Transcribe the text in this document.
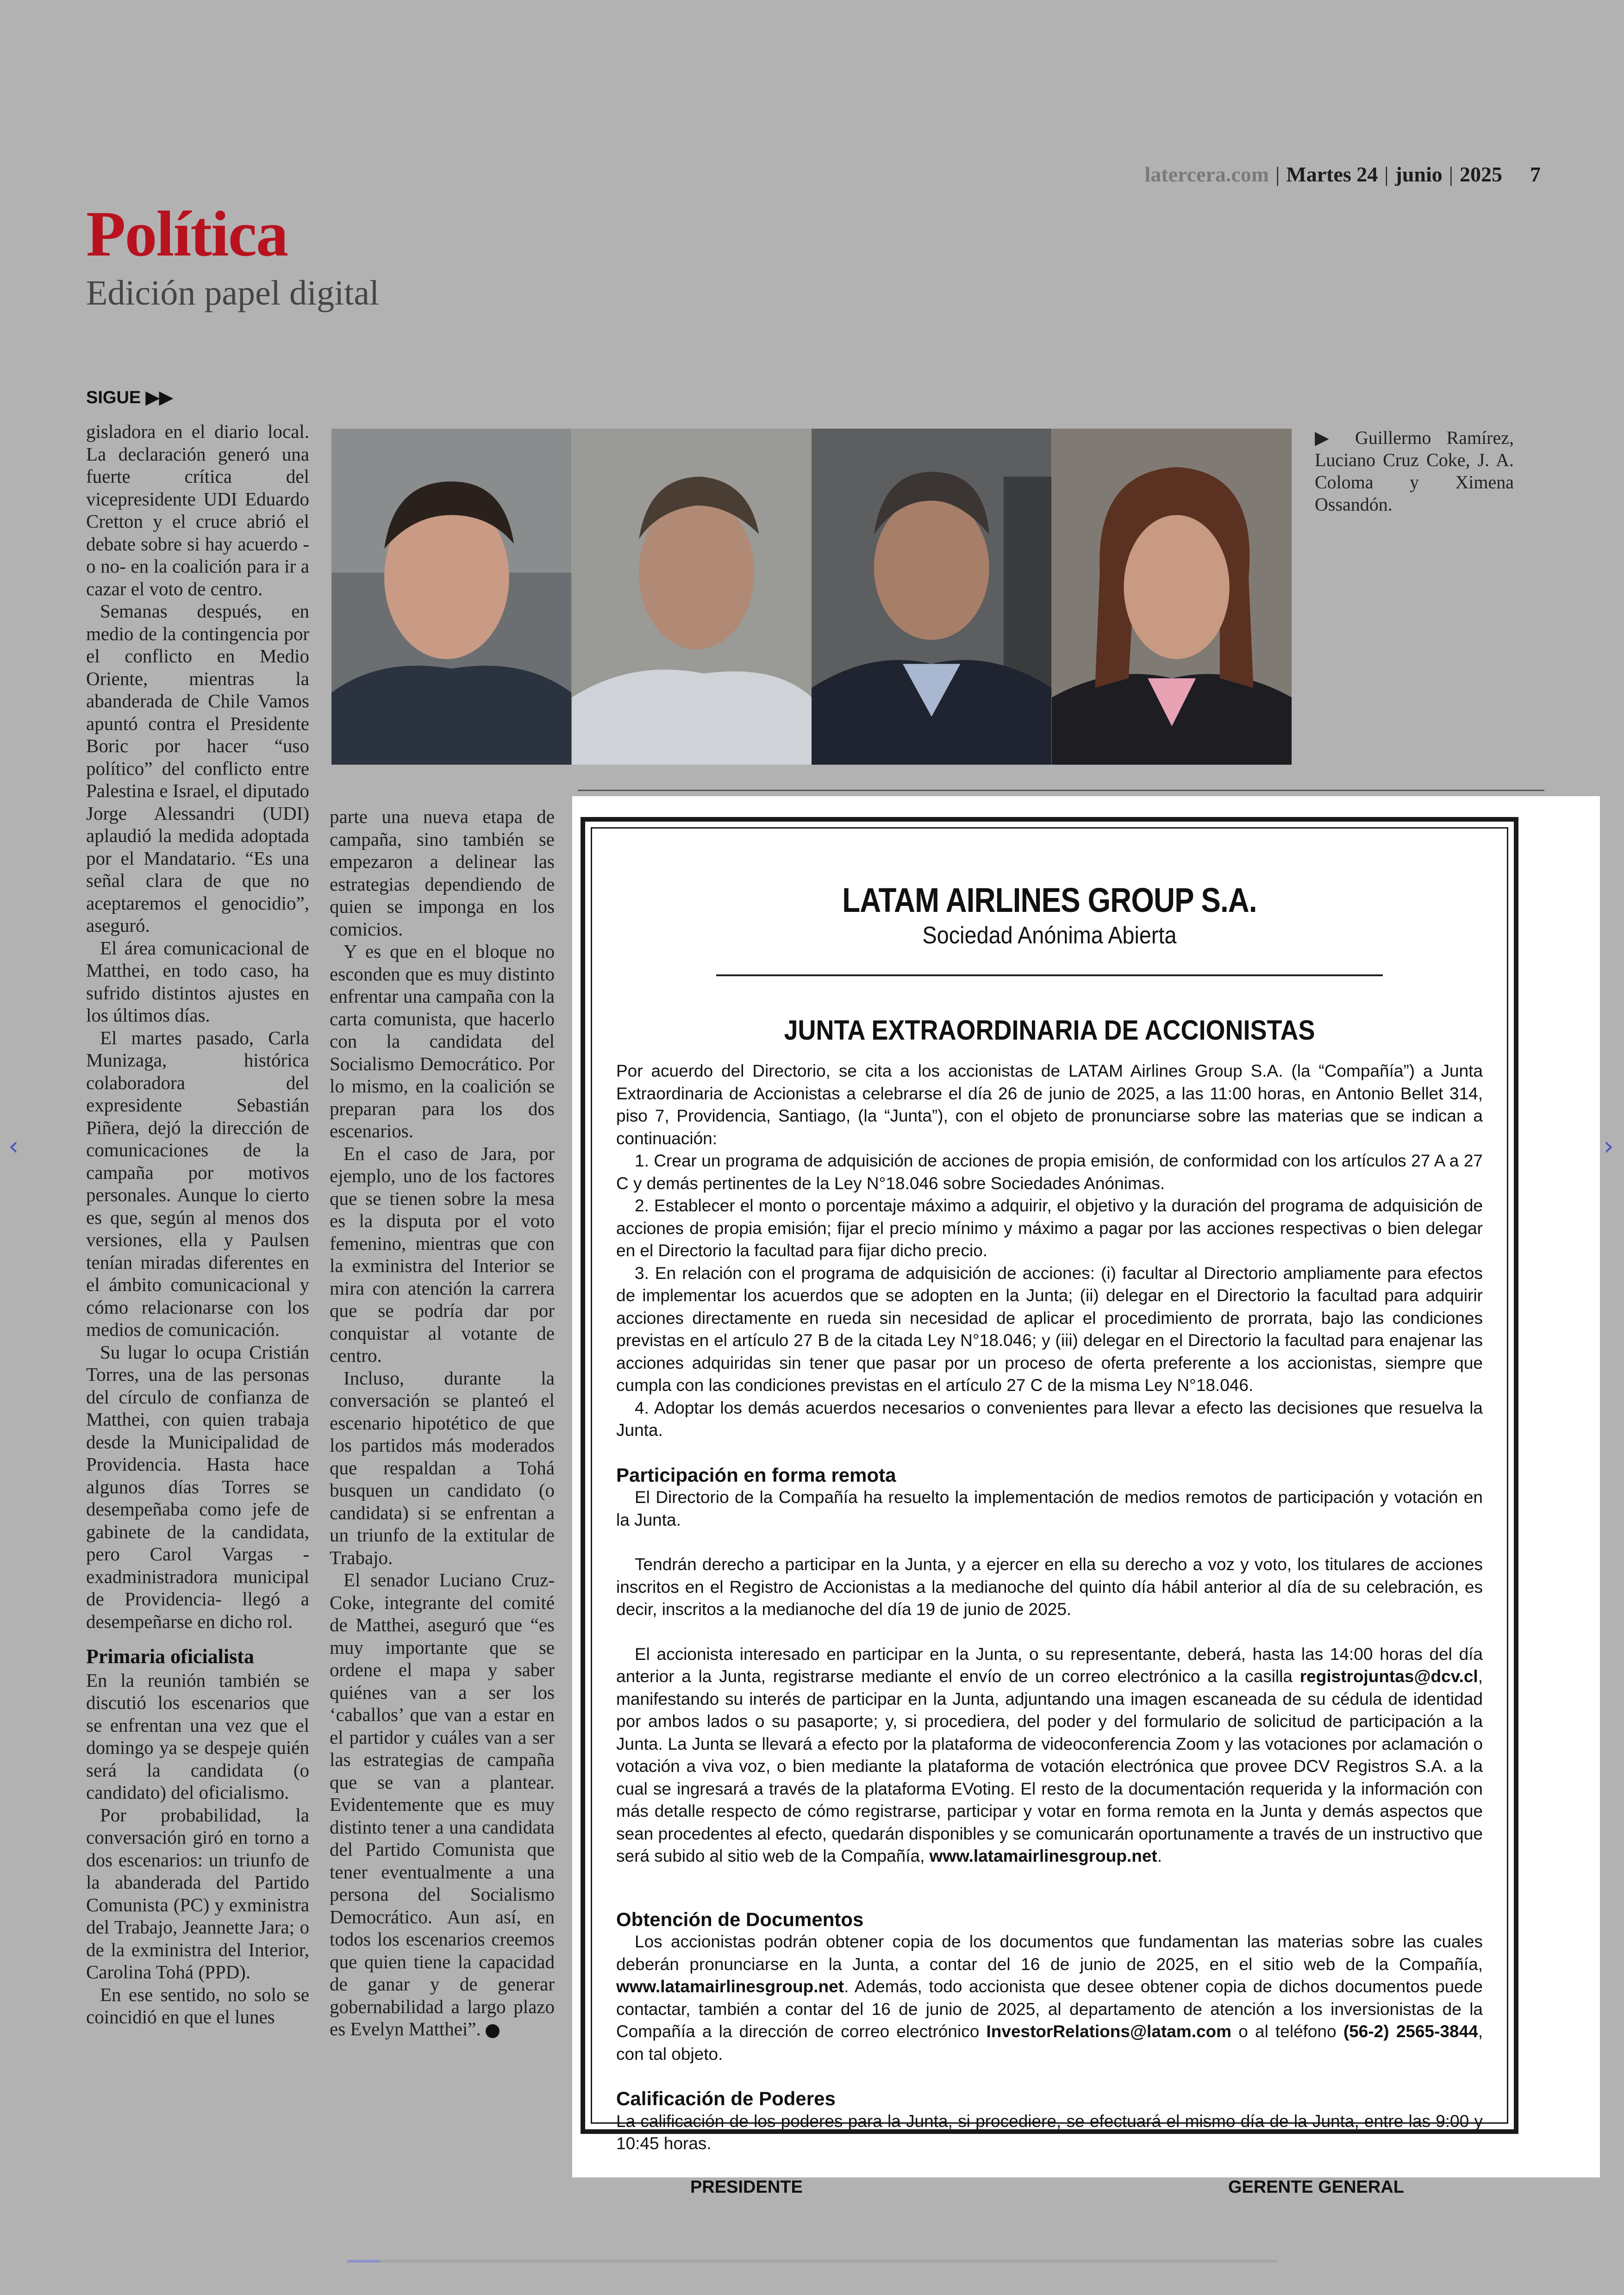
latercera.com | Martes 24 | junio | 2025 7
Política
Edición papel digital
SIGUE ▶▶

gisladora en el diario local. La declaración generó una fuerte crítica del vicepresidente UDI Eduardo Cretton y el cruce abrió el debate sobre si hay acuerdo -o no- en la coalición para ir a cazar el voto de centro.

Semanas después, en medio de la contingencia por el conflicto en Medio Oriente, mientras la abanderada de Chile Vamos apuntó contra el Presidente Boric por hacer “uso político” del conflicto entre Palestina e Israel, el diputado Jorge Alessandri (UDI) aplaudió la medida adoptada por el Mandatario. “Es una señal clara de que no aceptaremos el genocidio”, aseguró.

El área comunicacional de Matthei, en todo caso, ha sufrido distintos ajustes en los últimos días.

El martes pasado, Carla Munizaga, histórica colaboradora del expresidente Sebastián Piñera, dejó la dirección de comunicaciones de la campaña por motivos personales. Aunque lo cierto es que, según al menos dos versiones, ella y Paulsen tenían miradas diferentes en el ámbito comunicacional y cómo relacionarse con los medios de comunicación.

Su lugar lo ocupa Cristián Torres, una de las personas del círculo de confianza de Matthei, con quien trabaja desde la Municipalidad de Providencia. Hasta hace algunos días Torres se desempeñaba como jefe de gabinete de la candidata, pero Carol Vargas -exadministradora municipal de Providencia- llegó a desempeñarse en dicho rol.

Primaria oficialista

En la reunión también se discutió los escenarios que se enfrentan una vez que el domingo ya se despeje quién será la candidata (o candidato) del oficialismo.

Por probabilidad, la conversación giró en torno a dos escenarios: un triunfo de la abanderada del Partido Comunista (PC) y exministra del Trabajo, Jeannette Jara; o de la exministra del Interior, Carolina Tohá (PPD).

En ese sentido, no solo se coincidió en que el lunes

parte una nueva etapa de campaña, sino también se empezaron a delinear las estrategias dependiendo de quien se imponga en los comicios.

Y es que en el bloque no esconden que es muy distinto enfrentar una campaña con la carta comunista, que hacerlo con la candidata del Socialismo Democrático. Por lo mismo, en la coalición se preparan para los dos escenarios.

En el caso de Jara, por ejemplo, uno de los factores que se tienen sobre la mesa es la disputa por el voto femenino, mientras que con la exministra del Interior se mira con atención la carrera que se podría dar por conquistar al votante de centro.

Incluso, durante la conversación se planteó el escenario hipotético de que los partidos más moderados que respaldan a Tohá busquen un candidato (o candidata) si se enfrentan a un triunfo de la extitular de Trabajo.

El senador Luciano Cruz-Coke, integrante del comité de Matthei, aseguró que “es muy importante que se ordene el mapa y saber quiénes van a ser los ‘caballos’ que van a estar en el partidor y cuáles van a ser las estrategias de campaña que se van a plantear. Evidentemente que es muy distinto tener a una candidata del Partido Comunista que tener eventualmente a una persona del Socialismo Democrático. Aun así, en todos los escenarios creemos que quien tiene la capacidad de ganar y de generar gobernabilidad a largo plazo es Evelyn Matthei”.

▶ Guillermo Ramírez, Luciano Cruz Coke, J. A. Coloma y Ximena Ossandón.
LATAM AIRLINES GROUP S.A.
Sociedad Anónima Abierta
JUNTA EXTRAORDINARIA DE ACCIONISTAS

Por acuerdo del Directorio, se cita a los accionistas de LATAM Airlines Group S.A. (la “Compañía”) a Junta Extraordinaria de Accionistas a celebrarse el día 26 de junio de 2025, a las 11:00 horas, en Antonio Bellet 314, piso 7, Providencia, Santiago, (la “Junta”), con el objeto de pronunciarse sobre las materias que se indican a continuación:

1. Crear un programa de adquisición de acciones de propia emisión, de conformidad con los artículos 27 A a 27 C y demás pertinentes de la Ley N°18.046 sobre Sociedades Anónimas.

2. Establecer el monto o porcentaje máximo a adquirir, el objetivo y la duración del programa de adquisición de acciones de propia emisión; fijar el precio mínimo y máximo a pagar por las acciones respectivas o bien delegar en el Directorio la facultad para fijar dicho precio.

3. En relación con el programa de adquisición de acciones: (i) facultar al Directorio ampliamente para efectos de implementar los acuerdos que se adopten en la Junta; (ii) delegar en el Directorio la facultad para adquirir acciones directamente en rueda sin necesidad de aplicar el procedimiento de prorrata, bajo las condiciones previstas en el artículo 27 B de la citada Ley N°18.046; y (iii) delegar en el Directorio la facultad para enajenar las acciones adquiridas sin tener que pasar por un proceso de oferta preferente a los accionistas, siempre que cumpla con las condiciones previstas en el artículo 27 C de la misma Ley N°18.046.

4. Adoptar los demás acuerdos necesarios o convenientes para llevar a efecto las decisiones que resuelva la Junta.

Participación en forma remota

El Directorio de la Compañía ha resuelto la implementación de medios remotos de participación y votación en la Junta.

Tendrán derecho a participar en la Junta, y a ejercer en ella su derecho a voz y voto, los titulares de acciones inscritos en el Registro de Accionistas a la medianoche del quinto día hábil anterior al día de su celebración, es decir, inscritos a la medianoche del día 19 de junio de 2025.

El accionista interesado en participar en la Junta, o su representante, deberá, hasta las 14:00 horas del día anterior a la Junta, registrarse mediante el envío de un correo electrónico a la casilla registrojuntas@dcv.cl, manifestando su interés de participar en la Junta, adjuntando una imagen escaneada de su cédula de identidad por ambos lados o su pasaporte; y, si procediera, del poder y del formulario de solicitud de participación a la Junta. La Junta se llevará a efecto por la plataforma de videoconferencia Zoom y las votaciones por aclamación o votación a viva voz, o bien mediante la plataforma de votación electrónica que provee DCV Registros S.A. a la cual se ingresará a través de la plataforma EVoting. El resto de la documentación requerida y la información con más detalle respecto de cómo registrarse, participar y votar en forma remota en la Junta y demás aspectos que sean procedentes al efecto, quedarán disponibles y se comunicarán oportunamente a través de un instructivo que será subido al sitio web de la Compañía, www.latamairlinesgroup.net.

Obtención de Documentos

Los accionistas podrán obtener copia de los documentos que fundamentan las materias sobre las cuales deberán pronunciarse en la Junta, a contar del 16 de junio de 2025, en el sitio web de la Compañía, www.latamairlinesgroup.net. Además, todo accionista que desee obtener copia de dichos documentos puede contactar, también a contar del 16 de junio de 2025, al departamento de atención a los inversionistas de la Compañía a la dirección de correo electrónico InvestorRelations@latam.com o al teléfono (56-2) 2565-3844, con tal objeto.

Calificación de Poderes

La calificación de los poderes para la Junta, si procediere, se efectuará el mismo día de la Junta, entre las 9:00 y 10:45 horas.

PRESIDENTE	GERENTE GENERAL
‹	›
